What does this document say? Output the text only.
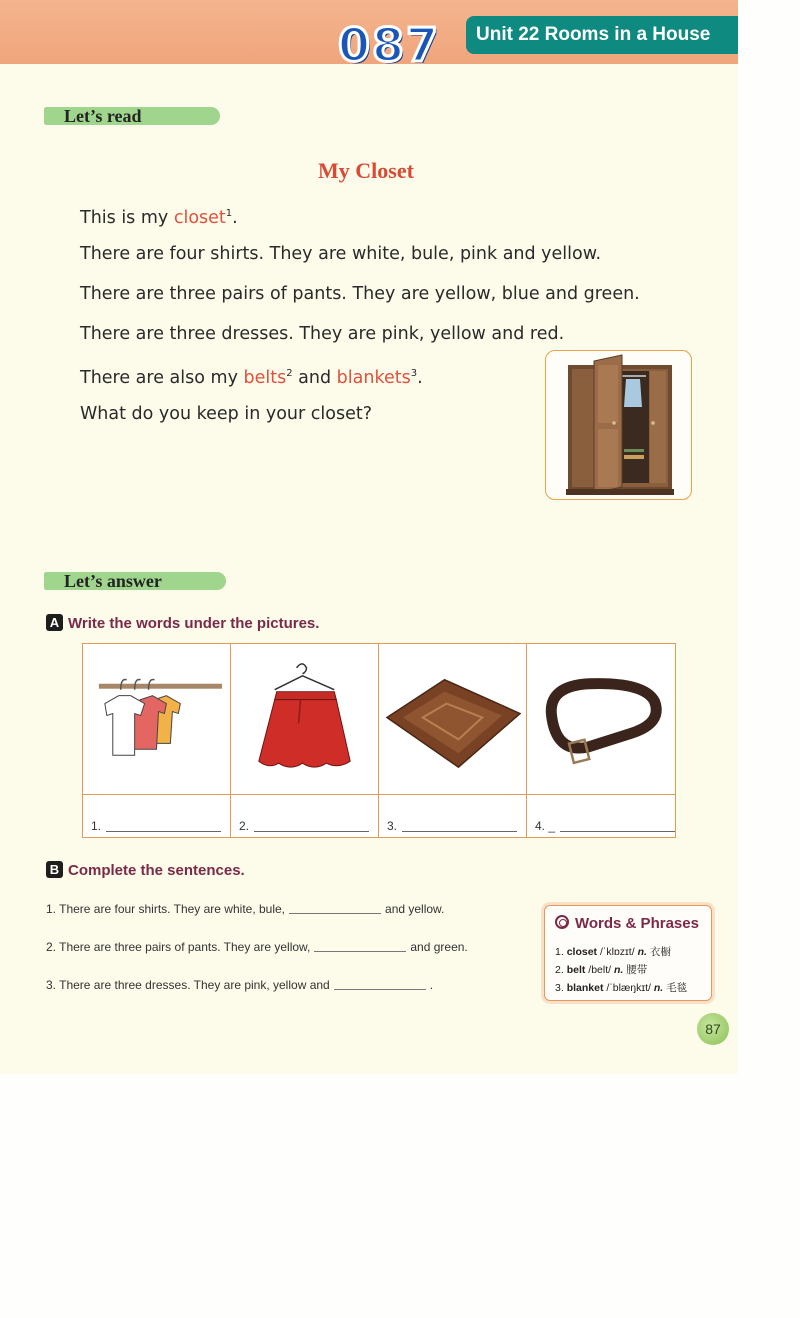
087	Unit 22 Rooms in a House
Let’s read
My Closet

This is my closet$^1$.

There are four shirts. They are white, bule, pink and yellow.

There are three pairs of pants. They are yellow, blue and green.

There are three dresses. They are pink, yellow and red.

There are also my belts$^2$ and blankets$^3$.

What do you keep in your closet?

Let’s answer
A Write the words under the pictures.
1.	2.	3.	4. _
B Complete the sentences.

1. There are four shirts. They are white, bule,	and yellow.

2. There are three pairs of pants. They are yellow,	and green.

3. There are three dresses. They are pink, yellow and	.

Words & Phrases
1. closet /ˈklɒzɪt/ n. 衣橱
2. belt /belt/ n. 腰带
3. blanket /ˈblæŋkɪt/ n. 毛毯
87
